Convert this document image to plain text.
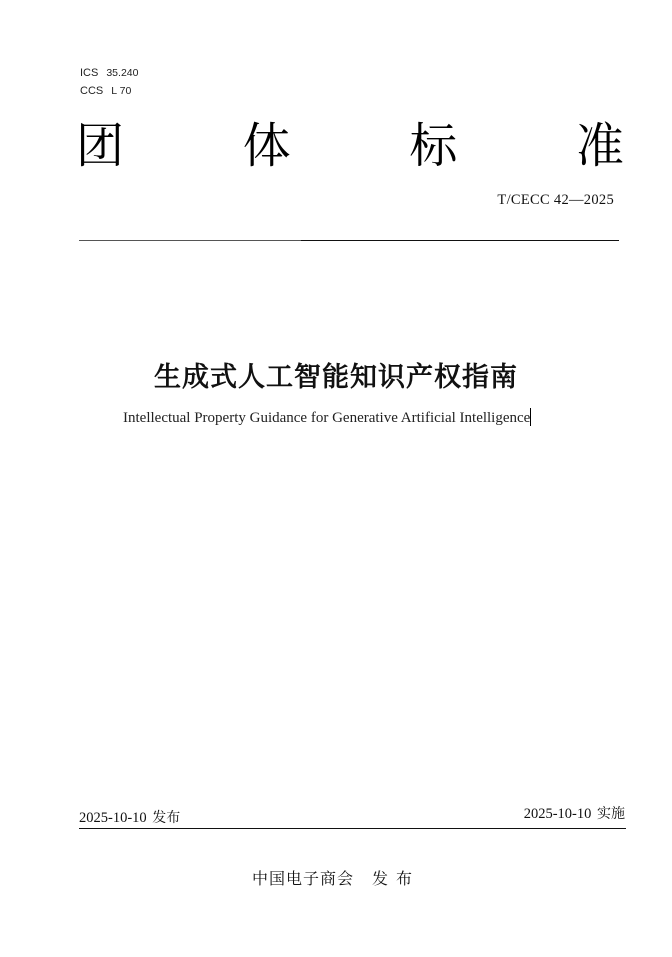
ICS 35.240
CCS L 70
团 体 标 准
T/CECC 42—2025
生成式人工智能知识产权指南
Intellectual Property Guidance for Generative Artificial Intelligence
2025-10-10 发布	2025-10-10 实施
中国电子商会 发布
